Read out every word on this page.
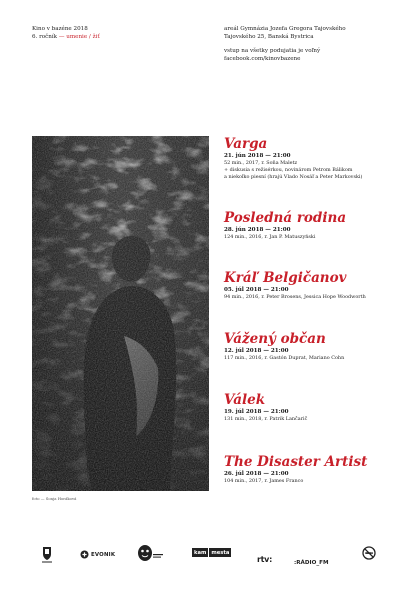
Kino v bazéne 2018
6. ročník — umenie / žiť
areál Gymnázia Jozefa Gregora Tajovského
Tajovského 25, Banská Bystrica
vstup na všetky podujatia je voľný
facebook.com/kinovbazene
foto — Sonja Horáková
Varga
21. jún 2018 — 21:00
52 min., 2017, r. Soňa Maletz
+ diskusia s režisérkou, novinárom Petrom Bálikom
a niekoľko piesní (hrajú Vlado Nosáľ a Peter Markovski)
Posledná rodina
28. jún 2018 — 21:00
124 min., 2016, r. Jan P. Matuszyński
Kráľ Belgičanov
05. júl 2018 — 21:00
94 min., 2016, r. Peter Brosens, Jessica Hope Woodworth
Vážený občan
12. júl 2018 — 21:00
117 min., 2016, r. Gastón Duprat, Mariano Cohn
Válek
19. júl 2018 — 21:00
131 min., 2018, r. Patrik Lančarič
The Disaster Artist
26. júl 2018 — 21:00
104 min., 2017, r. James Franco
EVONIK	kam mesta
rtv:	:RÁDIO_FM
